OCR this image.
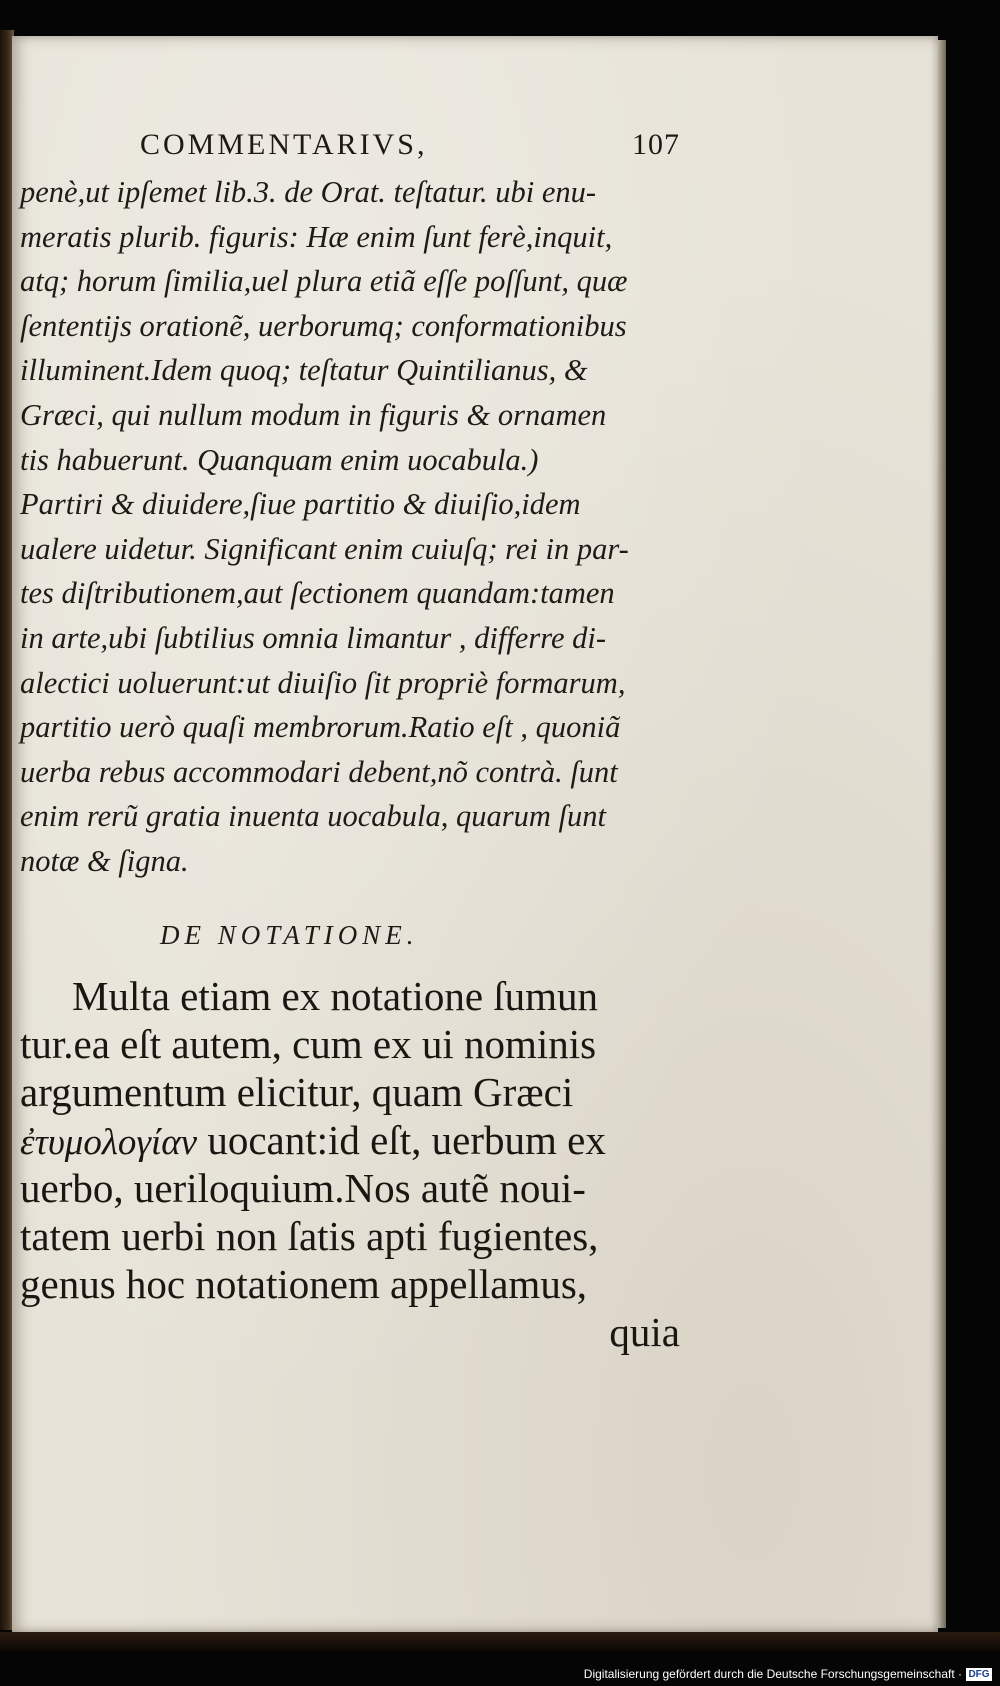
COMMENTARIVS,	107
penè,ut ipſemet lib.3. de Orat. teſtatur. ubi enu-
meratis plurib. figuris: Hæ enim ſunt ferè,inquit,
atq; horum ſimilia,uel plura etiã eſſe poſſunt, quæ
ſententijs orationẽ, uerborumq; conformationibus
illuminent.Idem quoq; teſtatur Quintilianus, &
Græci, qui nullum modum in figuris & ornamen
tis habuerunt. Quanquam enim uocabula.)
Partiri & diuidere,ſiue partitio & diuiſio,idem
ualere uidetur. Significant enim cuiuſq; rei in par-
tes diſtributionem,aut ſectionem quandam:tamen
in arte,ubi ſubtilius omnia limantur , differre di-
alectici uoluerunt:ut diuiſio ſit propriè formarum,
partitio uerò quaſi membrorum.Ratio eſt , quoniã
uerba rebus accommodari debent,nõ contrà. ſunt
enim rerũ gratia inuenta uocabula, quarum ſunt
notæ & ſigna.
DE NOTATIONE.
Multa etiam ex notatione ſumun
tur.ea eſt autem, cum ex ui nominis
argumentum elicitur, quam Græci
ἐτυμολογίαν uocant:id eſt, uerbum ex
uerbo, ueriloquium.Nos autẽ noui-
tatem uerbi non ſatis apti fugientes,
genus hoc notationem appellamus,
quia
Digitalisierung gefördert durch die Deutsche Forschungsgemeinschaft · DFG
